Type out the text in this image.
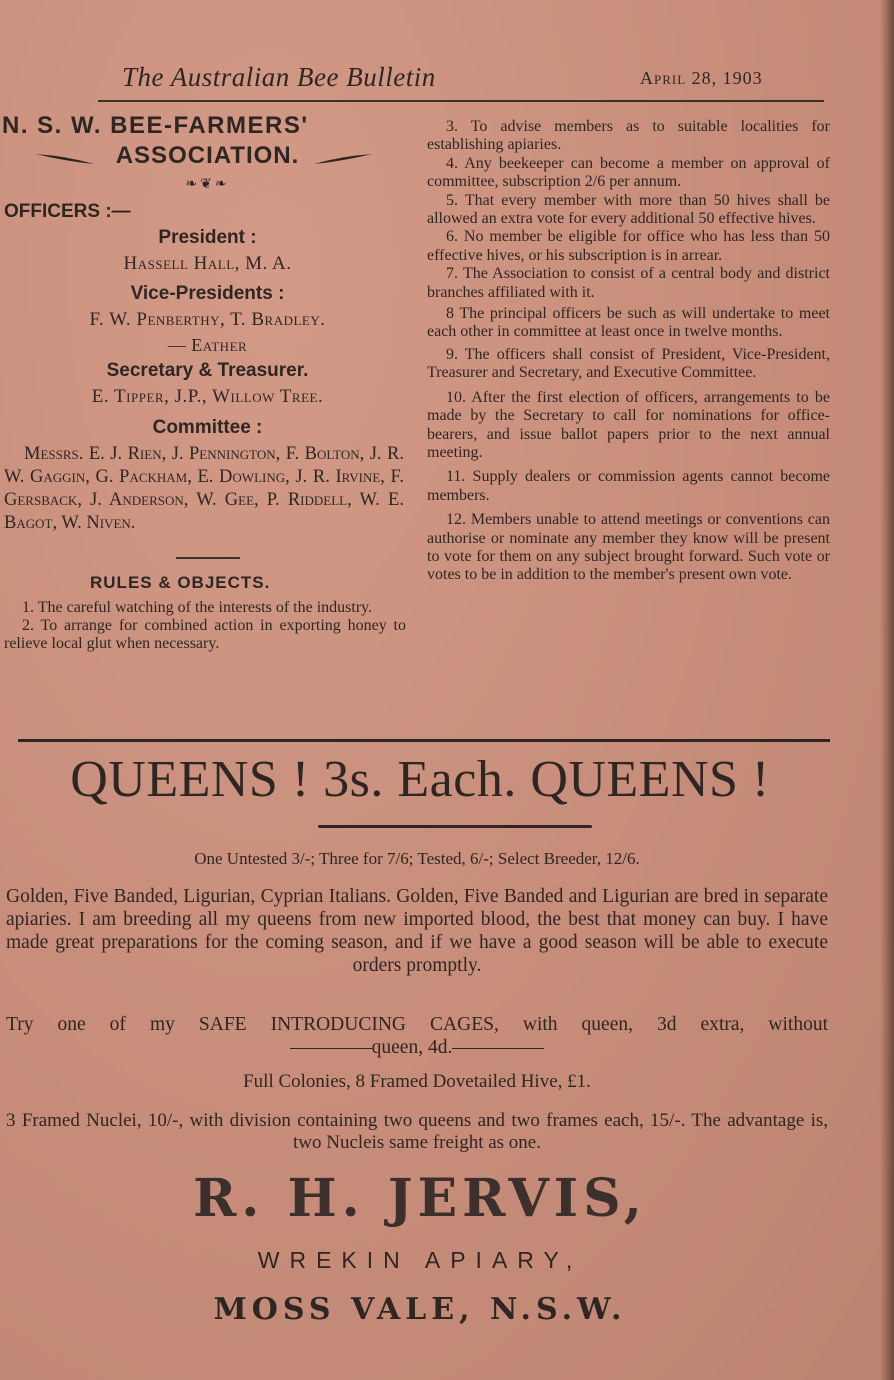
The Australian Bee Bulletin	April 28, 1903
N. S. W. BEE-FARMERS'
ASSOCIATION.
❧❦❧
OFFICERS :—
President :
Hassell Hall, M. A.
Vice-Presidents :
F. W. Penberthy, T. Bradley.
— Eather
Secretary & Treasurer.
E. Tipper, J.P., Willow Tree.
Committee :
Messrs. E. J. Rien, J. Pennington, F. Bolton, J. R. W. Gaggin, G. Packham, E. Dowling, J. R. Irvine, F. Gersback, J. Anderson, W. Gee, P. Riddell, W. E. Bagot, W. Niven.
RULES & OBJECTS.

1. The careful watching of the interests of the industry.

2. To arrange for combined action in exporting honey to relieve local glut when necessary.

3. To advise members as to suitable localities for establishing apiaries.

4. Any beekeeper can become a member on approval of committee, subscription 2/6 per annum.

5. That every member with more than 50 hives shall be allowed an extra vote for every additional 50 effective hives.

6. No member be eligible for office who has less than 50 effective hives, or his subscription is in arrear.

7. The Association to consist of a central body and district branches affiliated with it.

8 The principal officers be such as will undertake to meet each other in committee at least once in twelve months.

9. The officers shall consist of President, Vice-President, Treasurer and Secretary, and Executive Committee.

10. After the first election of officers, arrangements to be made by the Secretary to call for nominations for office-bearers, and issue ballot papers prior to the next annual meeting.

11. Supply dealers or commission agents cannot become members.

12. Members unable to attend meetings or conventions can authorise or nominate any member they know will be present to vote for them on any subject brought forward. Such vote or votes to be in addition to the member's present own vote.

QUEENS ! 3s. Each. QUEENS !
One Untested 3/-; Three for 7/6; Tested, 6/-; Select Breeder, 12/6.
Golden, Five Banded, Ligurian, Cyprian Italians. Golden, Five Banded and Ligurian are bred in separate apiaries. I am breeding all my queens from new imported blood, the best that money can buy. I have made great preparations for the coming season, and if we have a good season will be able to execute orders promptly.

Try one of my SAFE INTRODUCING CAGES, with queen, 3d extra, without

queen, 4d.

Full Colonies, 8 Framed Dovetailed Hive, £1.
3 Framed Nuclei, 10/-, with division containing two queens and two frames each, 15/-. The advantage is, two Nucleis same freight as one.
R. H. JERVIS,
WREKIN APIARY,
MOSS VALE, N.S.W.
